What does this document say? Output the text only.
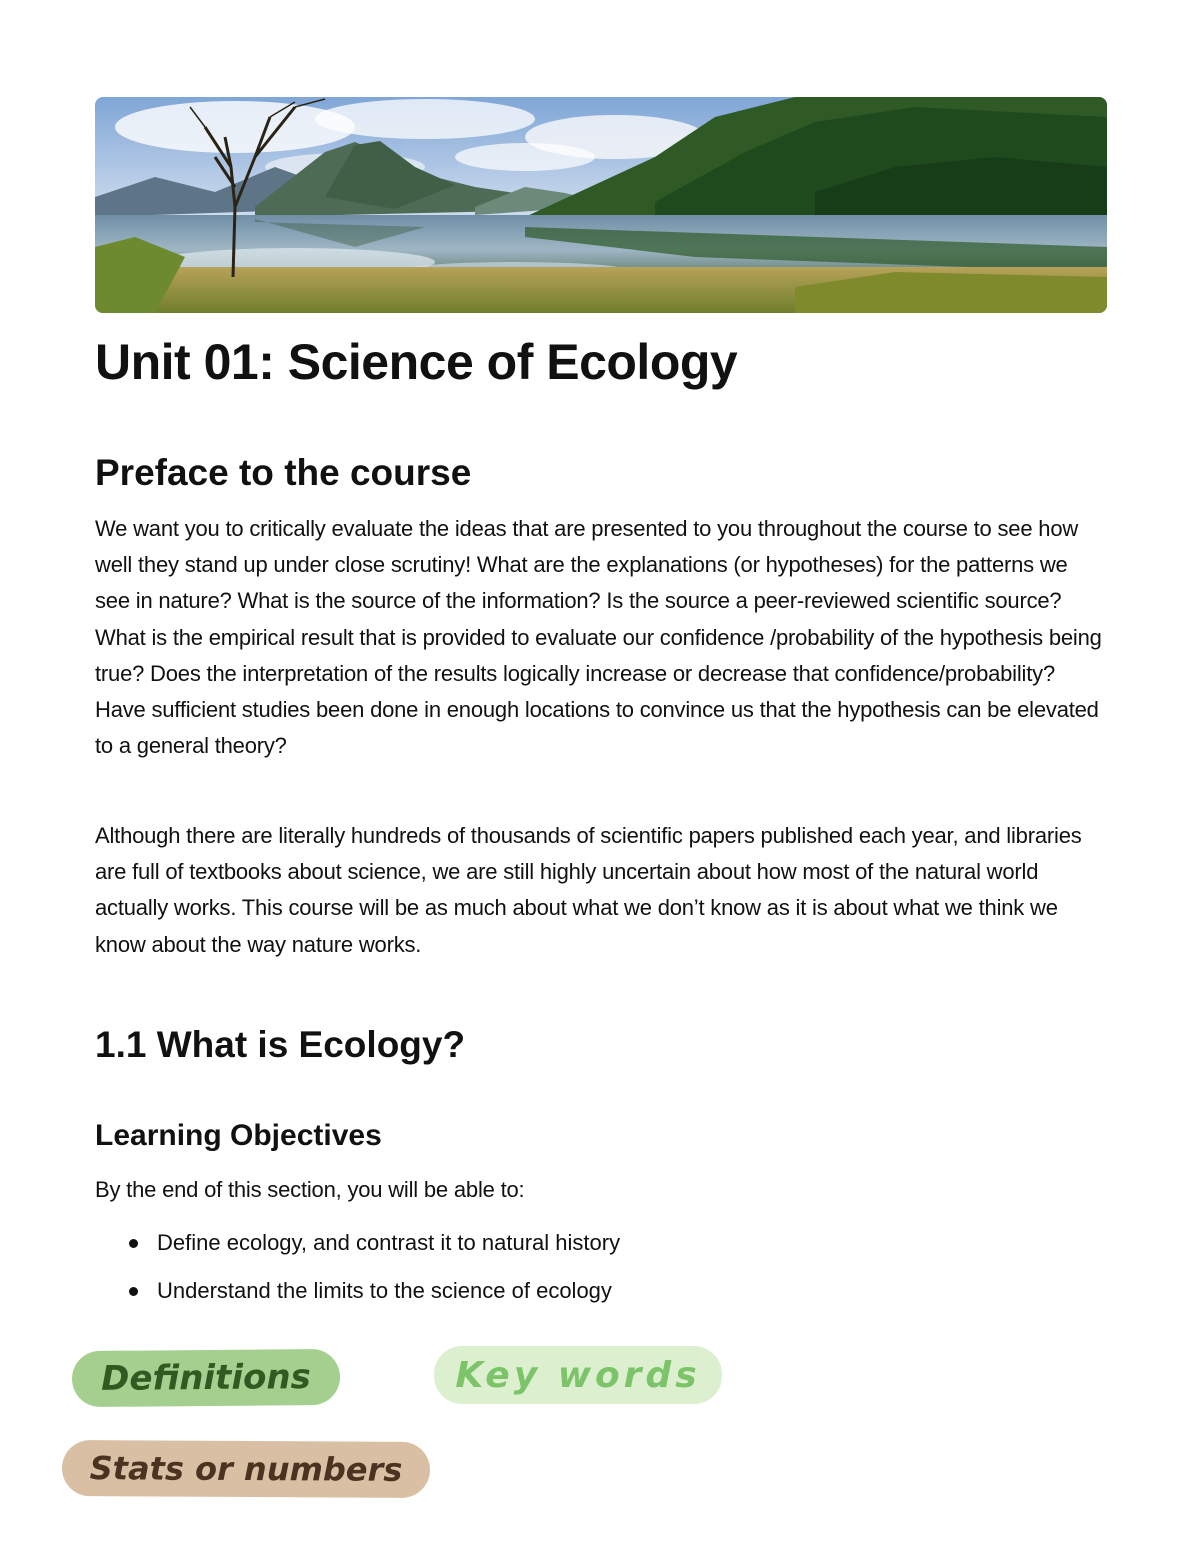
Unit 01: Science of Ecology
Preface to the course

We want you to critically evaluate the ideas that are presented to you throughout the course to see how well they stand up under close scrutiny! What are the explanations (or hypotheses) for the patterns we see in nature? What is the source of the information? Is the source a peer-reviewed scientific source? What is the empirical result that is provided to evaluate our confidence /probability of the hypothesis being true? Does the interpretation of the results logically increase or decrease that confidence/probability? Have sufficient studies been done in enough locations to convince us that the hypothesis can be elevated to a general theory?

Although there are literally hundreds of thousands of scientific papers published each year, and libraries are full of textbooks about science, we are still highly uncertain about how most of the natural world actually works. This course will be as much about what we don’t know as it is about what we think we know about the way nature works.

1.1 What is Ecology?
Learning Objectives

By the end of this section, you will be able to:

Define ecology, and contrast it to natural history
Understand the limits to the science of ecology
Definitions	Key words
Stats or numbers
